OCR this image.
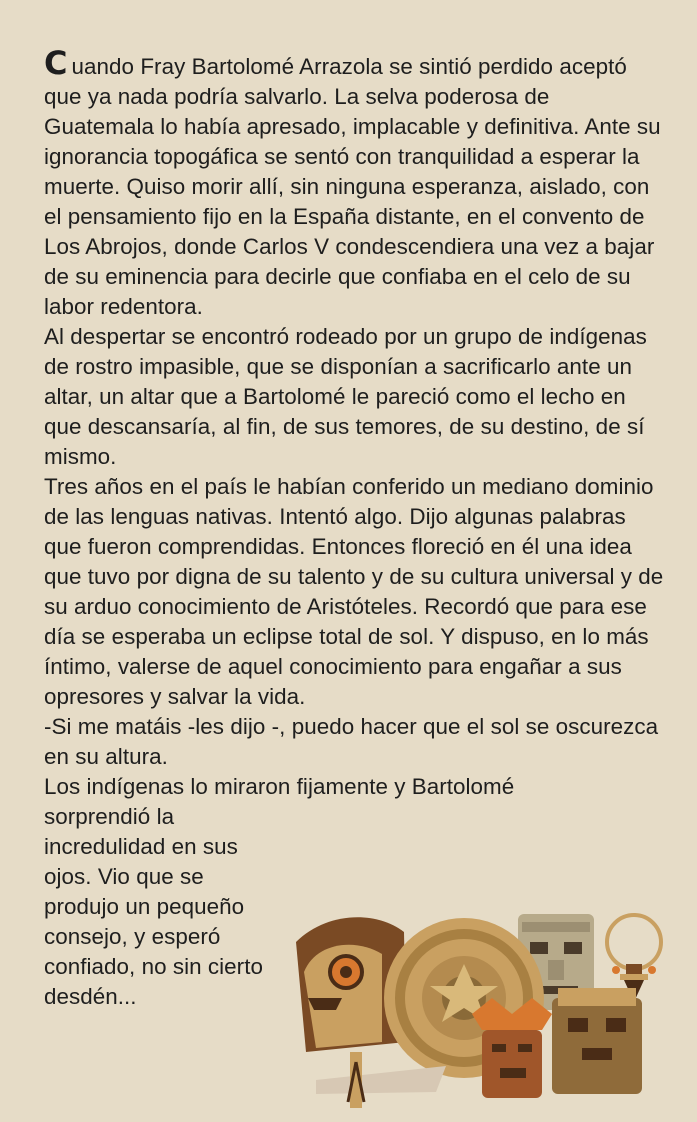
C uando Fray Bartolomé Arrazola se sintió perdido aceptó que ya nada podría salvarlo. La selva poderosa de Guatemala lo había apresado, implacable y definitiva. Ante su ignorancia topogáfica se sentó con tranquilidad a esperar la muerte. Quiso morir allí, sin ninguna esperanza, aislado, con el pensamiento fijo en la España distante, en el convento de Los Abrojos, donde Carlos V condescendiera una vez a bajar de su eminencia para decirle que confiaba en el celo de su labor redentora.

Al despertar se encontró rodeado por un grupo de indígenas de rostro impasible, que se disponían a sacrificarlo ante un altar, un altar que a Bartolomé le pareció como el lecho en que descansaría, al fin, de sus temores, de su destino, de sí mismo.

Tres años en el país le habían conferido un mediano dominio de las lenguas nativas. Intentó algo. Dijo algunas palabras que fueron comprendidas. Entonces floreció en él una idea que tuvo por digna de su talento y de su cultura universal y de su arduo conocimiento de Aristóteles. Recordó que para ese día se esperaba un eclipse total de sol. Y dispuso, en lo más íntimo, valerse de aquel conocimiento para engañar a sus opresores y salvar la vida.

-Si me matáis -les dijo -, puedo hacer que el sol se oscurezca en su altura.

Los indígenas lo miraron fijamente y Bartolomé

sorprendió la incredulidad en sus ojos. Vio que se produjo un pequeño consejo, y esperó confiado, no sin cierto desdén...
